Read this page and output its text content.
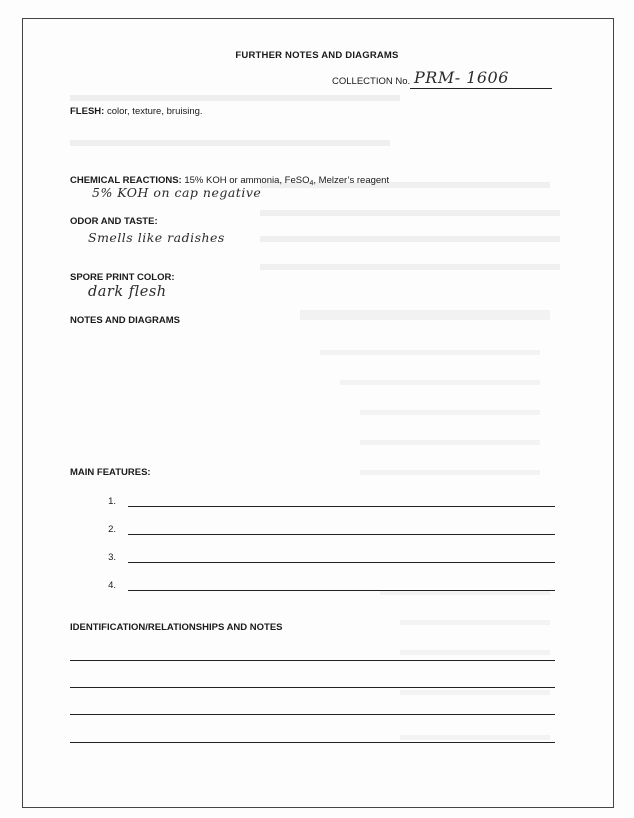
FURTHER NOTES AND DIAGRAMS
COLLECTION No. PRM- 1606
FLESH: color, texture, bruising.
CHEMICAL REACTIONS: 15% KOH or ammonia, FeSO$_4$, Melzer’s reagent
5% KOH on cap negative
ODOR AND TASTE:
Smells like radishes
SPORE PRINT COLOR:
dark flesh
NOTES AND DIAGRAMS
MAIN FEATURES:
1.
2.
3.
4.
IDENTIFICATION/RELATIONSHIPS AND NOTES
